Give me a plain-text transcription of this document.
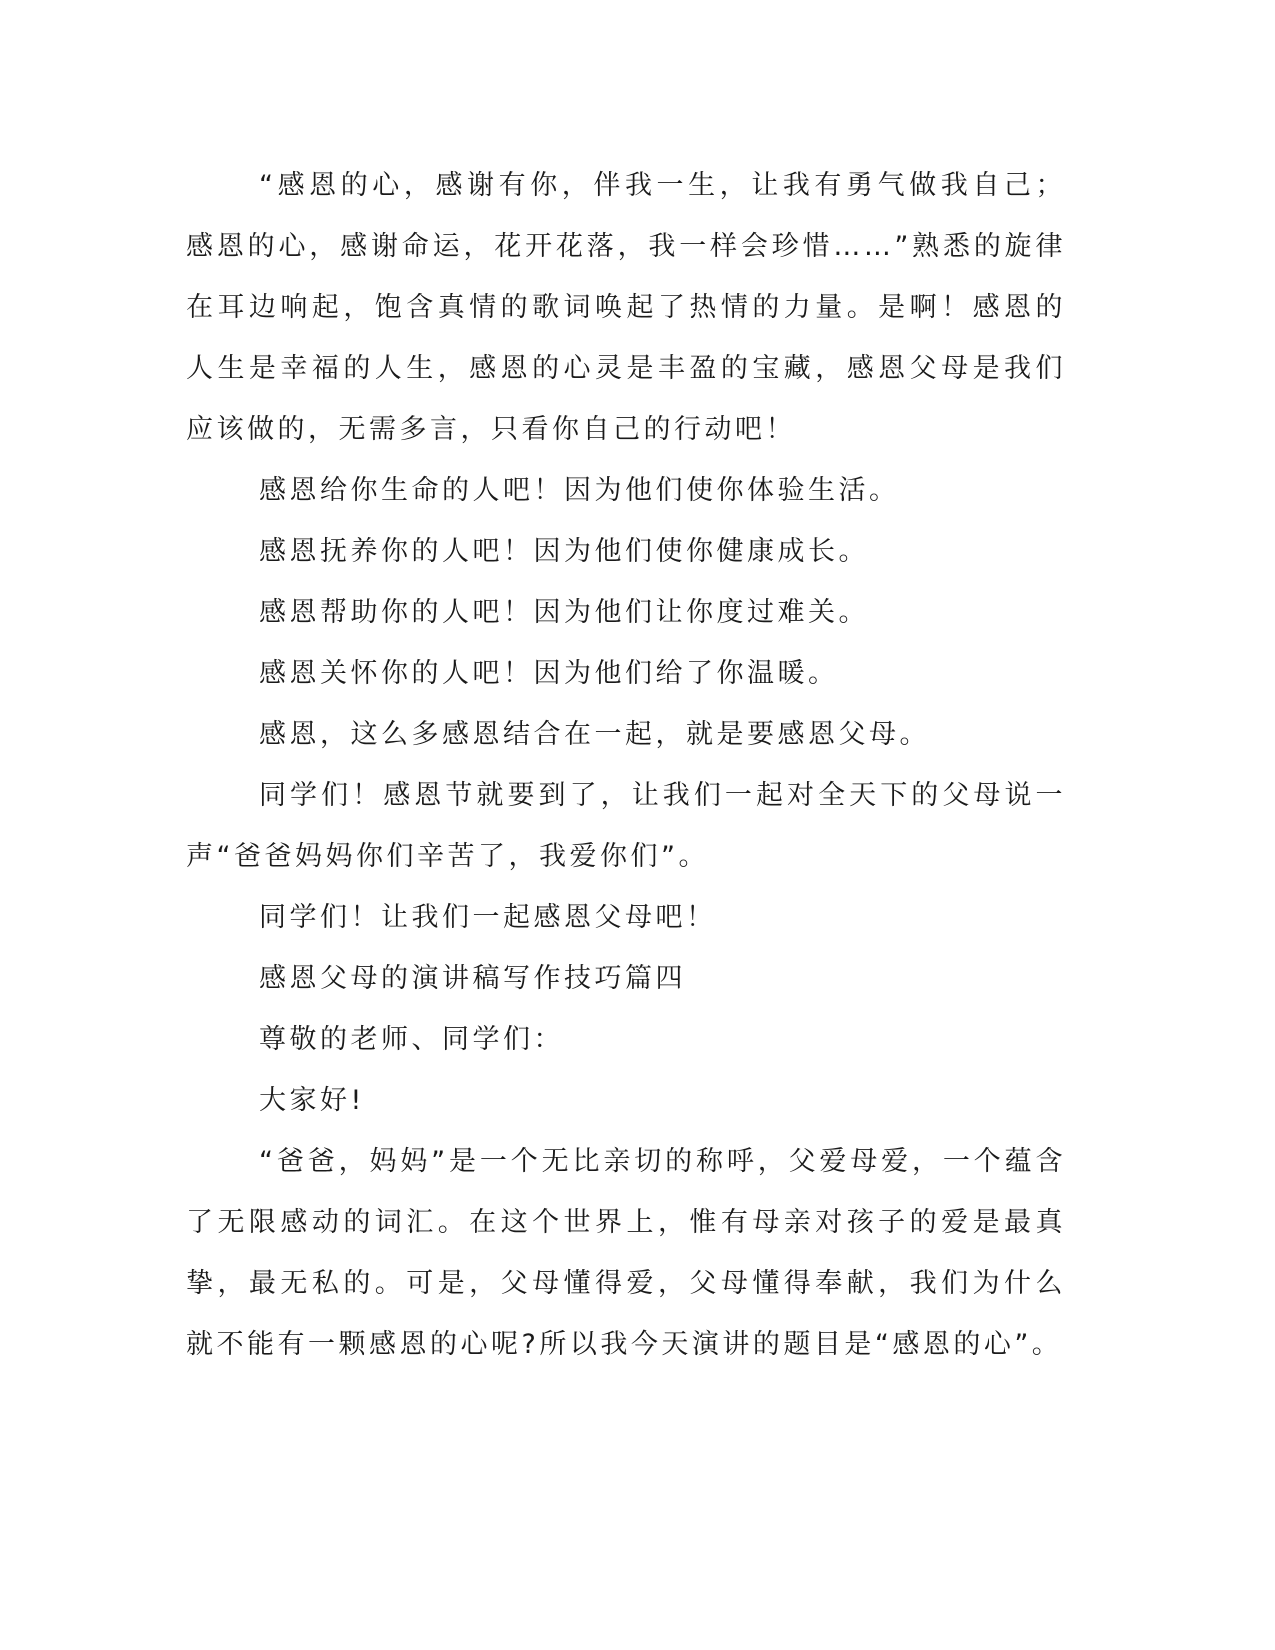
“感恩的心，感谢有你，伴我一生，让我有勇气做我自己；感恩的心，感谢命运，花开花落，我一样会珍惜……”熟悉的旋律在耳边响起，饱含真情的歌词唤起了热情的力量。是啊！感恩的人生是幸福的人生，感恩的心灵是丰盈的宝藏，感恩父母是我们应该做的，无需多言，只看你自己的行动吧！

感恩给你生命的人吧！因为他们使你体验生活。

感恩抚养你的人吧！因为他们使你健康成长。

感恩帮助你的人吧！因为他们让你度过难关。

感恩关怀你的人吧！因为他们给了你温暖。

感恩，这么多感恩结合在一起，就是要感恩父母。

同学们！感恩节就要到了，让我们一起对全天下的父母说一声“爸爸妈妈你们辛苦了，我爱你们”。

同学们！让我们一起感恩父母吧！

感恩父母的演讲稿写作技巧篇四

尊敬的老师、同学们：

大家好!

“爸爸，妈妈”是一个无比亲切的称呼，父爱母爱，一个蕴含了无限感动的词汇。在这个世界上，惟有母亲对孩子的爱是最真挚，最无私的。可是，父母懂得爱，父母懂得奉献，我们为什么就不能有一颗感恩的心呢?所以我今天演讲的题目是“感恩的心”。
